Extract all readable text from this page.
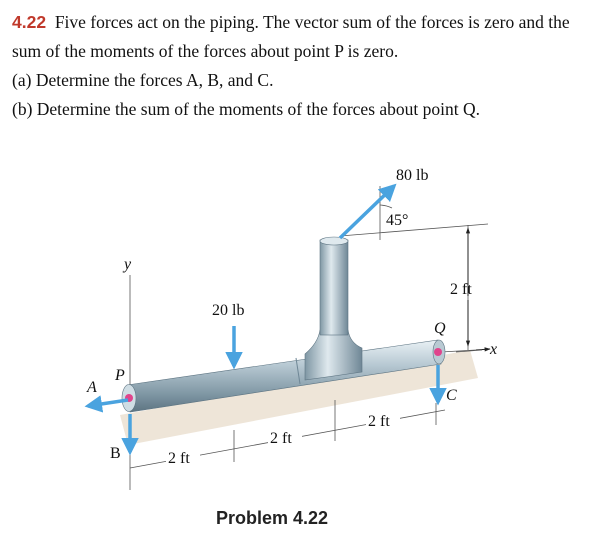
4.22 Five forces act on the piping. The vector sum of the forces is zero and the sum of the moments of the forces about point P is zero.

(a) Determine the forces A, B, and C.

(b) Determine the sum of the moments of the forces about point Q.

80 lb
45°
20 lb
P
Q
A
B
C
x
y
2 ft
2 ft
2 ft
2 ft
Problem 4.22
